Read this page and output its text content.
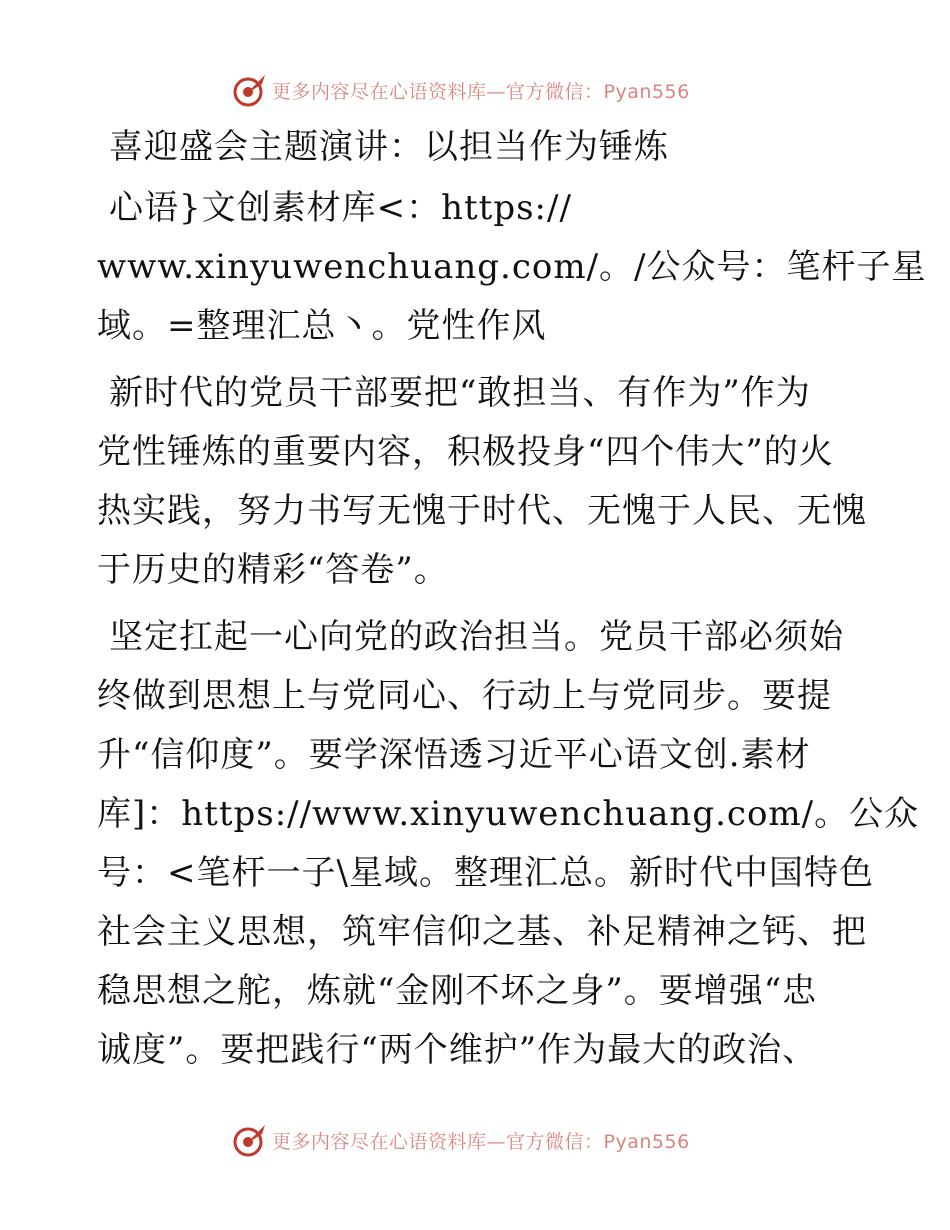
更多内容尽在心语资料库—官方微信：Pyan556

喜迎盛会主题演讲：以担当作为锤炼

心语}文创素材库<：https://
www.xinyuwenchuang.com/。/公众号：笔杆子星
域。=整理汇总丶。党性作风

新时代的党员干部要把“敢担当、有作为”作为
党性锤炼的重要内容，积极投身“四个伟大”的火
热实践，努力书写无愧于时代、无愧于人民、无愧
于历史的精彩“答卷”。

坚定扛起一心向党的政治担当。党员干部必须始
终做到思想上与党同心、行动上与党同步。要提
升“信仰度”。要学深悟透习近平心语文创.素材
库]：https://www.xinyuwenchuang.com/。公众
号：<笔杆一子\星域。整理汇总。新时代中国特色
社会主义思想，筑牢信仰之基、补足精神之钙、把
稳思想之舵，炼就“金刚不坏之身”。要增强“忠
诚度”。要把践行“两个维护”作为最大的政治、

更多内容尽在心语资料库—官方微信：Pyan556
